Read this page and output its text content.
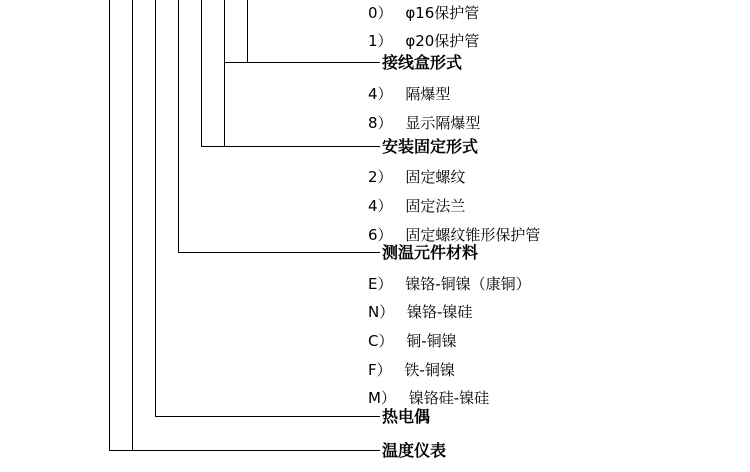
0） φ16保护管
1） φ20保护管
接线盒形式
4） 隔爆型
8） 显示隔爆型
安装固定形式
2） 固定螺纹
4） 固定法兰
6） 固定螺纹锥形保护管
测温元件材料
E） 镍铬-铜镍（康铜）
N） 镍铬-镍硅
C） 铜-铜镍
F） 铁-铜镍
M） 镍铬硅-镍硅
热电偶
温度仪表
